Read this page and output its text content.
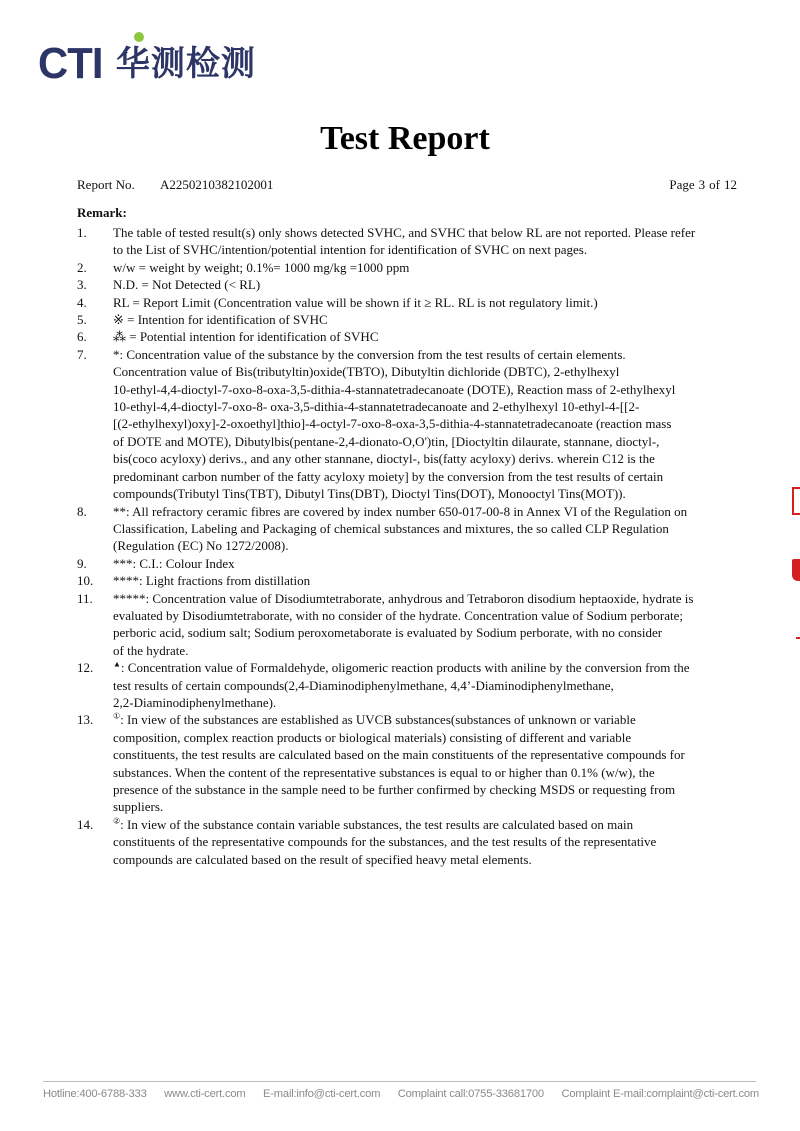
CTI 华测检测
Test Report
Report No.	A2250210382102001	Page 3 of 12
Remark:
1.	The table of tested result(s) only shows detected SVHC, and SVHC that below RL are not reported. Please refer
to the List of SVHC/intention/potential intention for identification of SVHC on next pages.
2.	w/w = weight by weight; 0.1%= 1000 mg/kg =1000 ppm
3.	N.D. = Not Detected (< RL)
4.	RL = Report Limit (Concentration value will be shown if it ≥ RL. RL is not regulatory limit.)
5.	※ = Intention for identification of SVHC
6.	⁂ = Potential intention for identification of SVHC
7.	*: Concentration value of the substance by the conversion from the test results of certain elements.
Concentration value of Bis(tributyltin)oxide(TBTO), Dibutyltin dichloride (DBTC), 2-ethylhexyl
10-ethyl-4,4-dioctyl-7-oxo-8-oxa-3,5-dithia-4-stannatetradecanoate (DOTE), Reaction mass of 2-ethylhexyl
10-ethyl-4,4-dioctyl-7-oxo-8- oxa-3,5-dithia-4-stannatetradecanoate and 2-ethylhexyl 10-ethyl-4-[[2-
[(2-ethylhexyl)oxy]-2-oxoethyl]thio]-4-octyl-7-oxo-8-oxa-3,5-dithia-4-stannatetradecanoate (reaction mass
of DOTE and MOTE), Dibutylbis(pentane-2,4-dionato-O,O')tin, [Dioctyltin dilaurate, stannane, dioctyl-,
bis(coco acyloxy) derivs., and any other stannane, dioctyl-, bis(fatty acyloxy) derivs. wherein C12 is the
predominant carbon number of the fatty acyloxy moiety] by the conversion from the test results of certain
compounds(Tributyl Tins(TBT), Dibutyl Tins(DBT), Dioctyl Tins(DOT), Monooctyl Tins(MOT)).
8.	**: All refractory ceramic fibres are covered by index number 650-017-00-8 in Annex VI of the Regulation on
Classification, Labeling and Packaging of chemical substances and mixtures, the so called CLP Regulation
(Regulation (EC) No 1272/2008).
9.	***: C.I.: Colour Index
10.	****: Light fractions from distillation
11.	*****: Concentration value of Disodiumtetraborate, anhydrous and Tetraboron disodium heptaoxide, hydrate is
evaluated by Disodiumtetraborate, with no consider of the hydrate. Concentration value of Sodium perborate;
perboric acid, sodium salt; Sodium peroxometaborate is evaluated by Sodium perborate, with no consider
of the hydrate.
12.	▲: Concentration value of Formaldehyde, oligomeric reaction products with aniline by the conversion from the
test results of certain compounds(2,4-Diaminodiphenylmethane, 4,4’-Diaminodiphenylmethane,
2,2-Diaminodiphenylmethane).
13.	①: In view of the substances are established as UVCB substances(substances of unknown or variable
composition, complex reaction products or biological materials) consisting of different and variable
constituents, the test results are calculated based on the main constituents of the representative compounds for
substances. When the content of the representative substances is equal to or higher than 0.1% (w/w), the
presence of the substance in the sample need to be further confirmed by checking MSDS or requesting from
suppliers.
14.	②: In view of the substance contain variable substances, the test results are calculated based on main
constituents of the representative compounds for the substances, and the test results of the representative
compounds are calculated based on the result of specified heavy metal elements.
Hotline:400-6788-333 www.cti-cert.com E-mail:info@cti-cert.com Complaint call:0755-33681700 Complaint E-mail:complaint@cti-cert.com
